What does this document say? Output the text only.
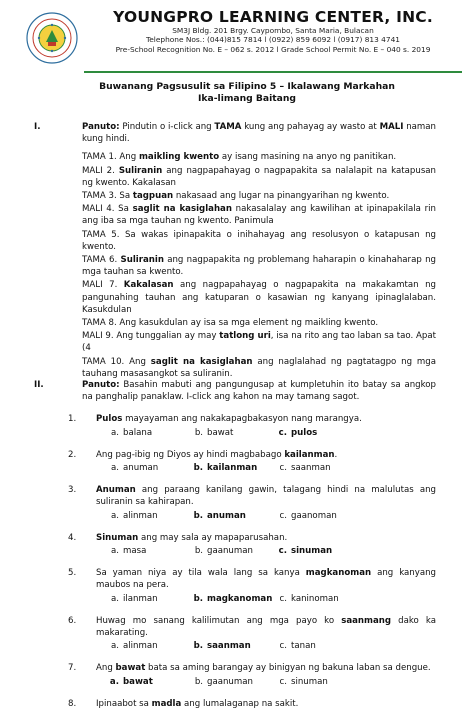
YOUNGPRO LEARNING CENTER, INC.
SM3J Bldg. 201 Brgy. Caypombo, Santa Maria, Bulacan
Telephone Nos.: (044)815 7814 l (0922) 859 6092 l (0917) 813 4741
Pre-School Recognition No. E – 062 s. 2012 l Grade School Permit No. E – 040 s. 2019
Buwanang Pagsusulit sa Filipino 5 – Ikalawang Markahan
Ika-limang Baitang
I.	Panuto: Pindutin o i-click ang TAMA kung ang pahayag ay wasto at MALI naman kung hindi.
TAMA 1. Ang maikling kwento ay isang masining na anyo ng panitikan.
MALI 2. Suliranin ang nagpapahayag o nagpapakita sa nalalapit na katapusan ng kwento. Kakalasan
TAMA 3. Sa tagpuan nakasaad ang lugar na pinangyarihan ng kwento.
MALI 4. Sa saglit na kasiglahan nakasalalay ang kawilihan at ipinapakilala rin ang iba sa mga tauhan ng kwento. Panimula
TAMA 5. Sa wakas ipinapakita o inihahayag ang resolusyon o katapusan ng kwento.
TAMA 6. Suliranin ang nagpapakita ng problemang haharapin o kinahaharap ng mga tauhan sa kwento.
MALI 7. Kakalasan ang nagpapahayag o nagpapakita na makakamtan ng pangunahing tauhan ang katuparan o kasawian ng kanyang ipinaglalaban. Kasukdulan
TAMA 8. Ang kasukdulan ay isa sa mga element ng maikling kwento.
MALI 9. Ang tunggalian ay may tatlong uri, isa na rito ang tao laban sa tao. Apat (4
TAMA 10. Ang saglit na kasiglahan ang naglalahad ng pagtatagpo ng mga tauhang masasangkot sa suliranin.
II.	Panuto: Basahin mabuti ang pangungusap at kumpletuhin ito batay sa angkop na panghalip panaklaw. I-click ang kahon na may tamang sagot.
1. Pulos mayayaman ang nakakapagbakasyon nang marangya.
a. balana	b. bawat	c. pulos
2. Ang pag-ibig ng Diyos ay hindi magbabago kailanman.
a. anuman	b. kailanman	c. saanman
3. Anuman ang paraang kanilang gawin, talagang hindi na malulutas ang suliranin sa kahirapan.
a. alinman	b. anuman	c. gaanoman
4. Sinuman ang may sala ay mapaparusahan.
a. masa	b. gaanuman	c. sinuman
5. Sa yaman niya ay tila wala lang sa kanya magkanoman ang kanyang maubos na pera.
a. ilanman	b. magkanoman c. kaninoman
6. Huwag mo sanang kalilimutan ang mga payo ko saanmang dako ka makarating.
a. alinman	b. saanman	c. tanan
7. Ang bawat bata sa aming barangay ay binigyan ng bakuna laban sa dengue.
a. bawat	b. gaanuman	c. sinuman
8. Ipinaabot sa madla ang lumalaganap na sakit.
